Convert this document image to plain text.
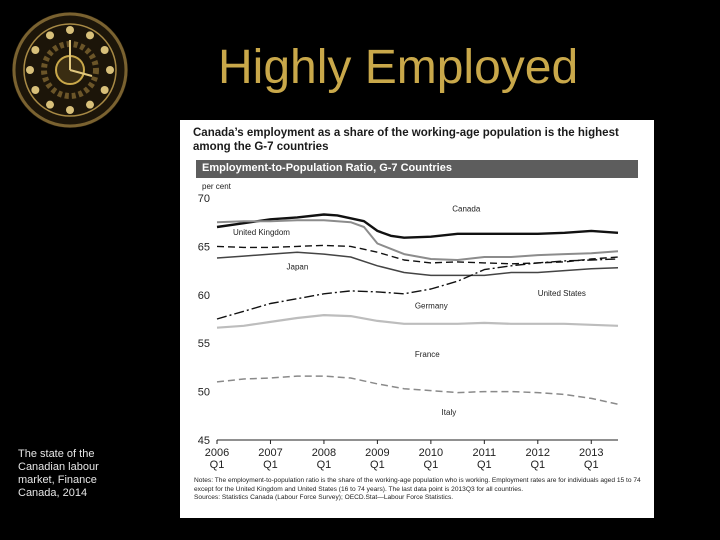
Highly Employed
The state of the Canadian labour market, Finance Canada, 2014
Canada’s employment as a share of the working-age population is the highest among the G-7 countries
Employment-to-Population Ratio, G-7 Countries
per cent
45
50
55
60
65
70
2006
Q1
2007
Q1
2008
Q1
2009
Q1
2010
Q1
2011
Q1
2012
Q1
2013
Q1
Canada
United Kingdom
Japan
United States
Germany
France
Italy
Notes: The employment-to-population ratio is the share of the working-age population who is working. Employment rates are for individuals aged 15 to 74 except for the United Kingdom and United States (16 to 74 years). The last data point is 2013Q3 for all countries.
Sources: Statistics Canada (Labour Force Survey); OECD.Stat—Labour Force Statistics.
